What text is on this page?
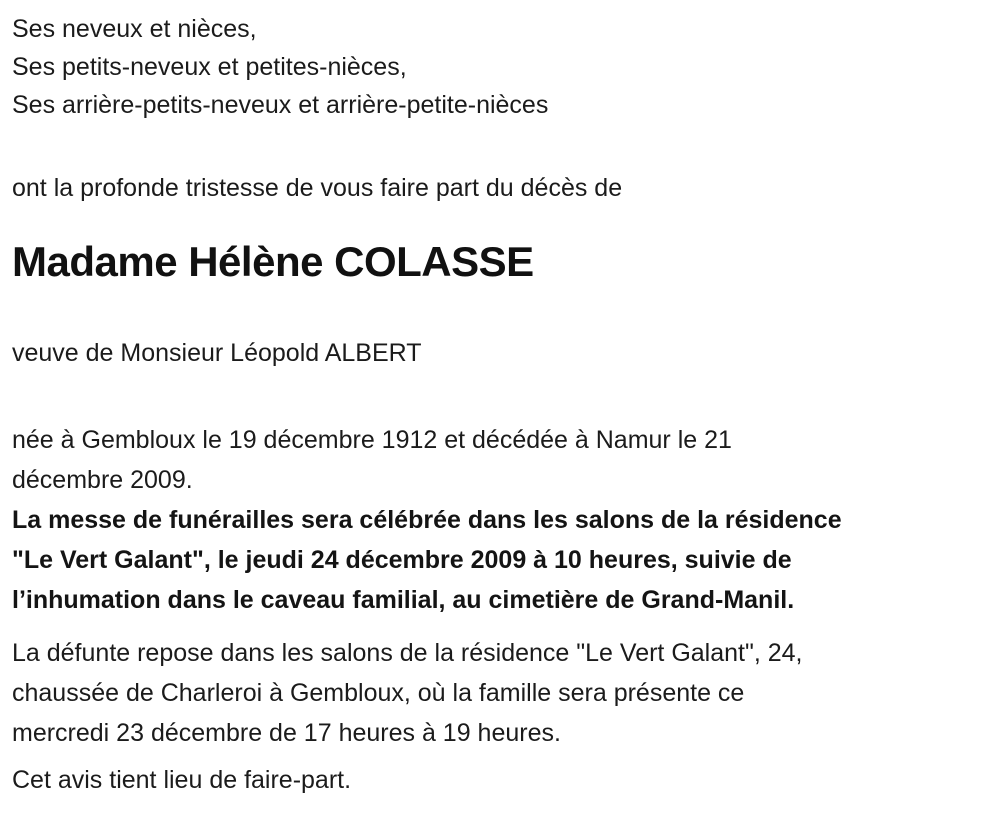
Ses neveux et nièces,
Ses petits-neveux et petites-nièces,
Ses arrière-petits-neveux et arrière-petite-nièces
ont la profonde tristesse de vous faire part du décès de
Madame Hélène COLASSE
veuve de Monsieur Léopold ALBERT
née à Gembloux le 19 décembre 1912 et décédée à Namur le 21
décembre 2009.
La messe de funérailles sera célébrée dans les salons de la résidence
"Le Vert Galant", le jeudi 24 décembre 2009 à 10 heures, suivie de
l’inhumation dans le caveau familial, au cimetière de Grand-Manil.
La défunte repose dans les salons de la résidence "Le Vert Galant", 24,
chaussée de Charleroi à Gembloux, où la famille sera présente ce
mercredi 23 décembre de 17 heures à 19 heures.
Cet avis tient lieu de faire-part.
